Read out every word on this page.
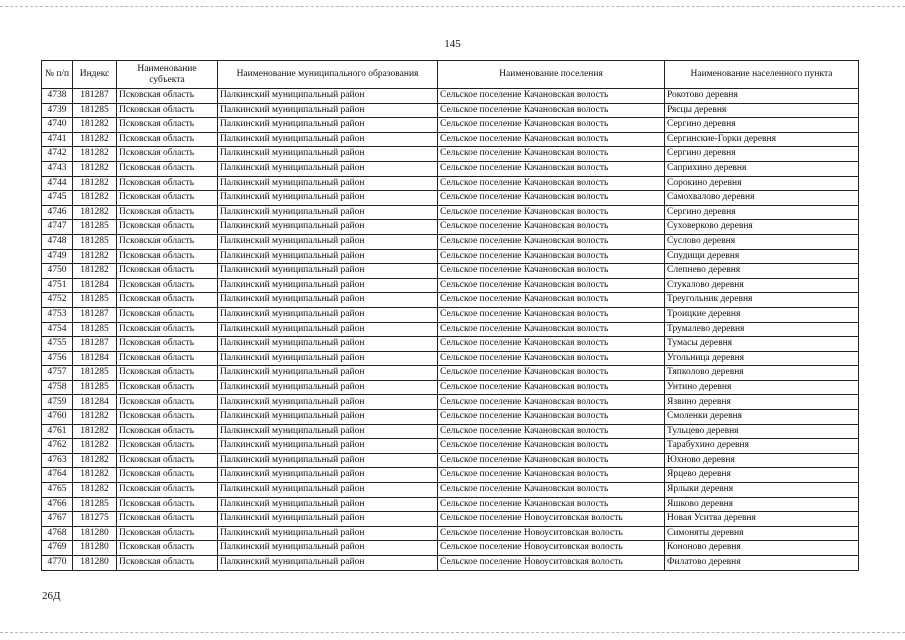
145
№ п/п	Индекс	Наименование субъекта	Наименование муниципального образования	Наименование поселения	Наименование населенного пункта
4738	181287	Псковская область	Палкинский муниципальный район	Сельское поселение Качановская волость	Рокотово деревня
4739	181285	Псковская область	Палкинский муниципальный район	Сельское поселение Качановская волость	Рясцы деревня
4740	181282	Псковская область	Палкинский муниципальный район	Сельское поселение Качановская волость	Сергино деревня
4741	181282	Псковская область	Палкинский муниципальный район	Сельское поселение Качановская волость	Сергинские-Горки деревня
4742	181282	Псковская область	Палкинский муниципальный район	Сельское поселение Качановская волость	Сергино деревня
4743	181282	Псковская область	Палкинский муниципальный район	Сельское поселение Качановская волость	Саприхино деревня
4744	181282	Псковская область	Палкинский муниципальный район	Сельское поселение Качановская волость	Сорокино деревня
4745	181282	Псковская область	Палкинский муниципальный район	Сельское поселение Качановская волость	Самохвалово деревня
4746	181282	Псковская область	Палкинский муниципальный район	Сельское поселение Качановская волость	Сергино деревня
4747	181285	Псковская область	Палкинский муниципальный район	Сельское поселение Качановская волость	Суховерково деревня
4748	181285	Псковская область	Палкинский муниципальный район	Сельское поселение Качановская волость	Суслово деревня
4749	181282	Псковская область	Палкинский муниципальный район	Сельское поселение Качановская волость	Спудищи деревня
4750	181282	Псковская область	Палкинский муниципальный район	Сельское поселение Качановская волость	Слепнево деревня
4751	181284	Псковская область	Палкинский муниципальный район	Сельское поселение Качановская волость	Стукалово деревня
4752	181285	Псковская область	Палкинский муниципальный район	Сельское поселение Качановская волость	Треугольник деревня
4753	181287	Псковская область	Палкинский муниципальный район	Сельское поселение Качановская волость	Троицкие деревня
4754	181285	Псковская область	Палкинский муниципальный район	Сельское поселение Качановская волость	Трумалево деревня
4755	181287	Псковская область	Палкинский муниципальный район	Сельское поселение Качановская волость	Тумасы деревня
4756	181284	Псковская область	Палкинский муниципальный район	Сельское поселение Качановская волость	Угольница деревня
4757	181285	Псковская область	Палкинский муниципальный район	Сельское поселение Качановская волость	Тяпколово деревня
4758	181285	Псковская область	Палкинский муниципальный район	Сельское поселение Качановская волость	Унтино деревня
4759	181284	Псковская область	Палкинский муниципальный район	Сельское поселение Качановская волость	Язвино деревня
4760	181282	Псковская область	Палкинский муниципальный район	Сельское поселение Качановская волость	Смоленки деревня
4761	181282	Псковская область	Палкинский муниципальный район	Сельское поселение Качановская волость	Тульцево деревня
4762	181282	Псковская область	Палкинский муниципальный район	Сельское поселение Качановская волость	Тарабухино деревня
4763	181282	Псковская область	Палкинский муниципальный район	Сельское поселение Качановская волость	Юхново деревня
4764	181282	Псковская область	Палкинский муниципальный район	Сельское поселение Качановская волость	Ярцево деревня
4765	181282	Псковская область	Палкинский муниципальный район	Сельское поселение Качановская волость	Ярлыки деревня
4766	181285	Псковская область	Палкинский муниципальный район	Сельское поселение Качановская волость	Яшково деревня
4767	181275	Псковская область	Палкинский муниципальный район	Сельское поселение Новоуситовская волость	Новая Уситва деревня
4768	181280	Псковская область	Палкинский муниципальный район	Сельское поселение Новоуситовская волость	Симоняты деревня
4769	181280	Псковская область	Палкинский муниципальный район	Сельское поселение Новоуситовская волость	Кононово деревня
4770	181280	Псковская область	Палкинский муниципальный район	Сельское поселение Новоуситовская волость	Филатово деревня
26Д
